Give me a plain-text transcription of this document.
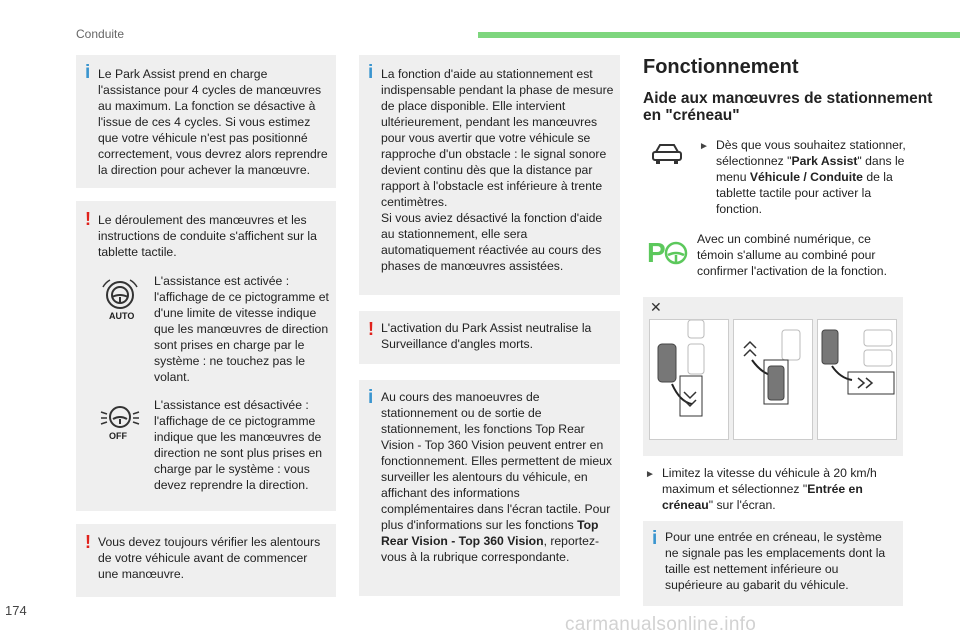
Conduite
i Le Park Assist prend en charge l'assistance pour 4 cycles de manœuvres au maximum. La fonction se désactive à l'issue de ces 4 cycles. Si vous estimez que votre véhicule n'est pas positionné correctement, vous devrez alors reprendre la direction pour achever la manœuvre.

! Le déroulement des manœuvres et les instructions de conduite s'affichent sur la tablette tactile.

AUTO

L'assistance est activée : l'affichage de ce pictogramme et d'une limite de vitesse indique que les manœuvres de direction sont prises en charge par le système : ne touchez pas le volant.

OFF

L'assistance est désactivée : l'affichage de ce pictogramme indique que les manœuvres de direction ne sont plus prises en charge par le système : vous devez reprendre la direction.

! Vous devez toujours vérifier les alentours de votre véhicule avant de commencer une manœuvre.

i La fonction d'aide au stationnement est indispensable pendant la phase de mesure de place disponible. Elle intervient ultérieurement, pendant les manœuvres pour vous avertir que votre véhicule se rapproche d'un obstacle : le signal sonore devient continu dès que la distance par rapport à l'obstacle est inférieure à trente centimètres.

Si vous aviez désactivé la fonction d'aide au stationnement, elle sera automatiquement réactivée au cours des phases de manœuvres assistées.

! L'activation du Park Assist neutralise la Surveillance d'angles morts.

i Au cours des manoeuvres de stationnement ou de sortie de stationnement, les fonctions Top Rear Vision - Top 360 Vision peuvent entrer en fonctionnement. Elles permettent de mieux surveiller les alentours du véhicule, en affichant des informations complémentaires dans l'écran tactile. Pour plus d'informations sur les fonctions Top Rear Vision - Top 360 Vision, reportez-vous à la rubrique correspondante.

Fonctionnement
Aide aux manœuvres de stationnement en "créneau"
► Dès que vous souhaitez stationner, sélectionnez "Park Assist" dans le menu Véhicule / Conduite de la tablette tactile pour activer la fonction.

P	Avec un combiné numérique, ce témoin s'allume au combiné pour confirmer l'activation de la fonction.

✕
► Limitez la vitesse du véhicule à 20 km/h maximum et sélectionnez "Entrée en créneau" sur l'écran.

i Pour une entrée en créneau, le système ne signale pas les emplacements dont la taille est nettement inférieure ou supérieure au gabarit du véhicule.

174
carmanualsonline.info
